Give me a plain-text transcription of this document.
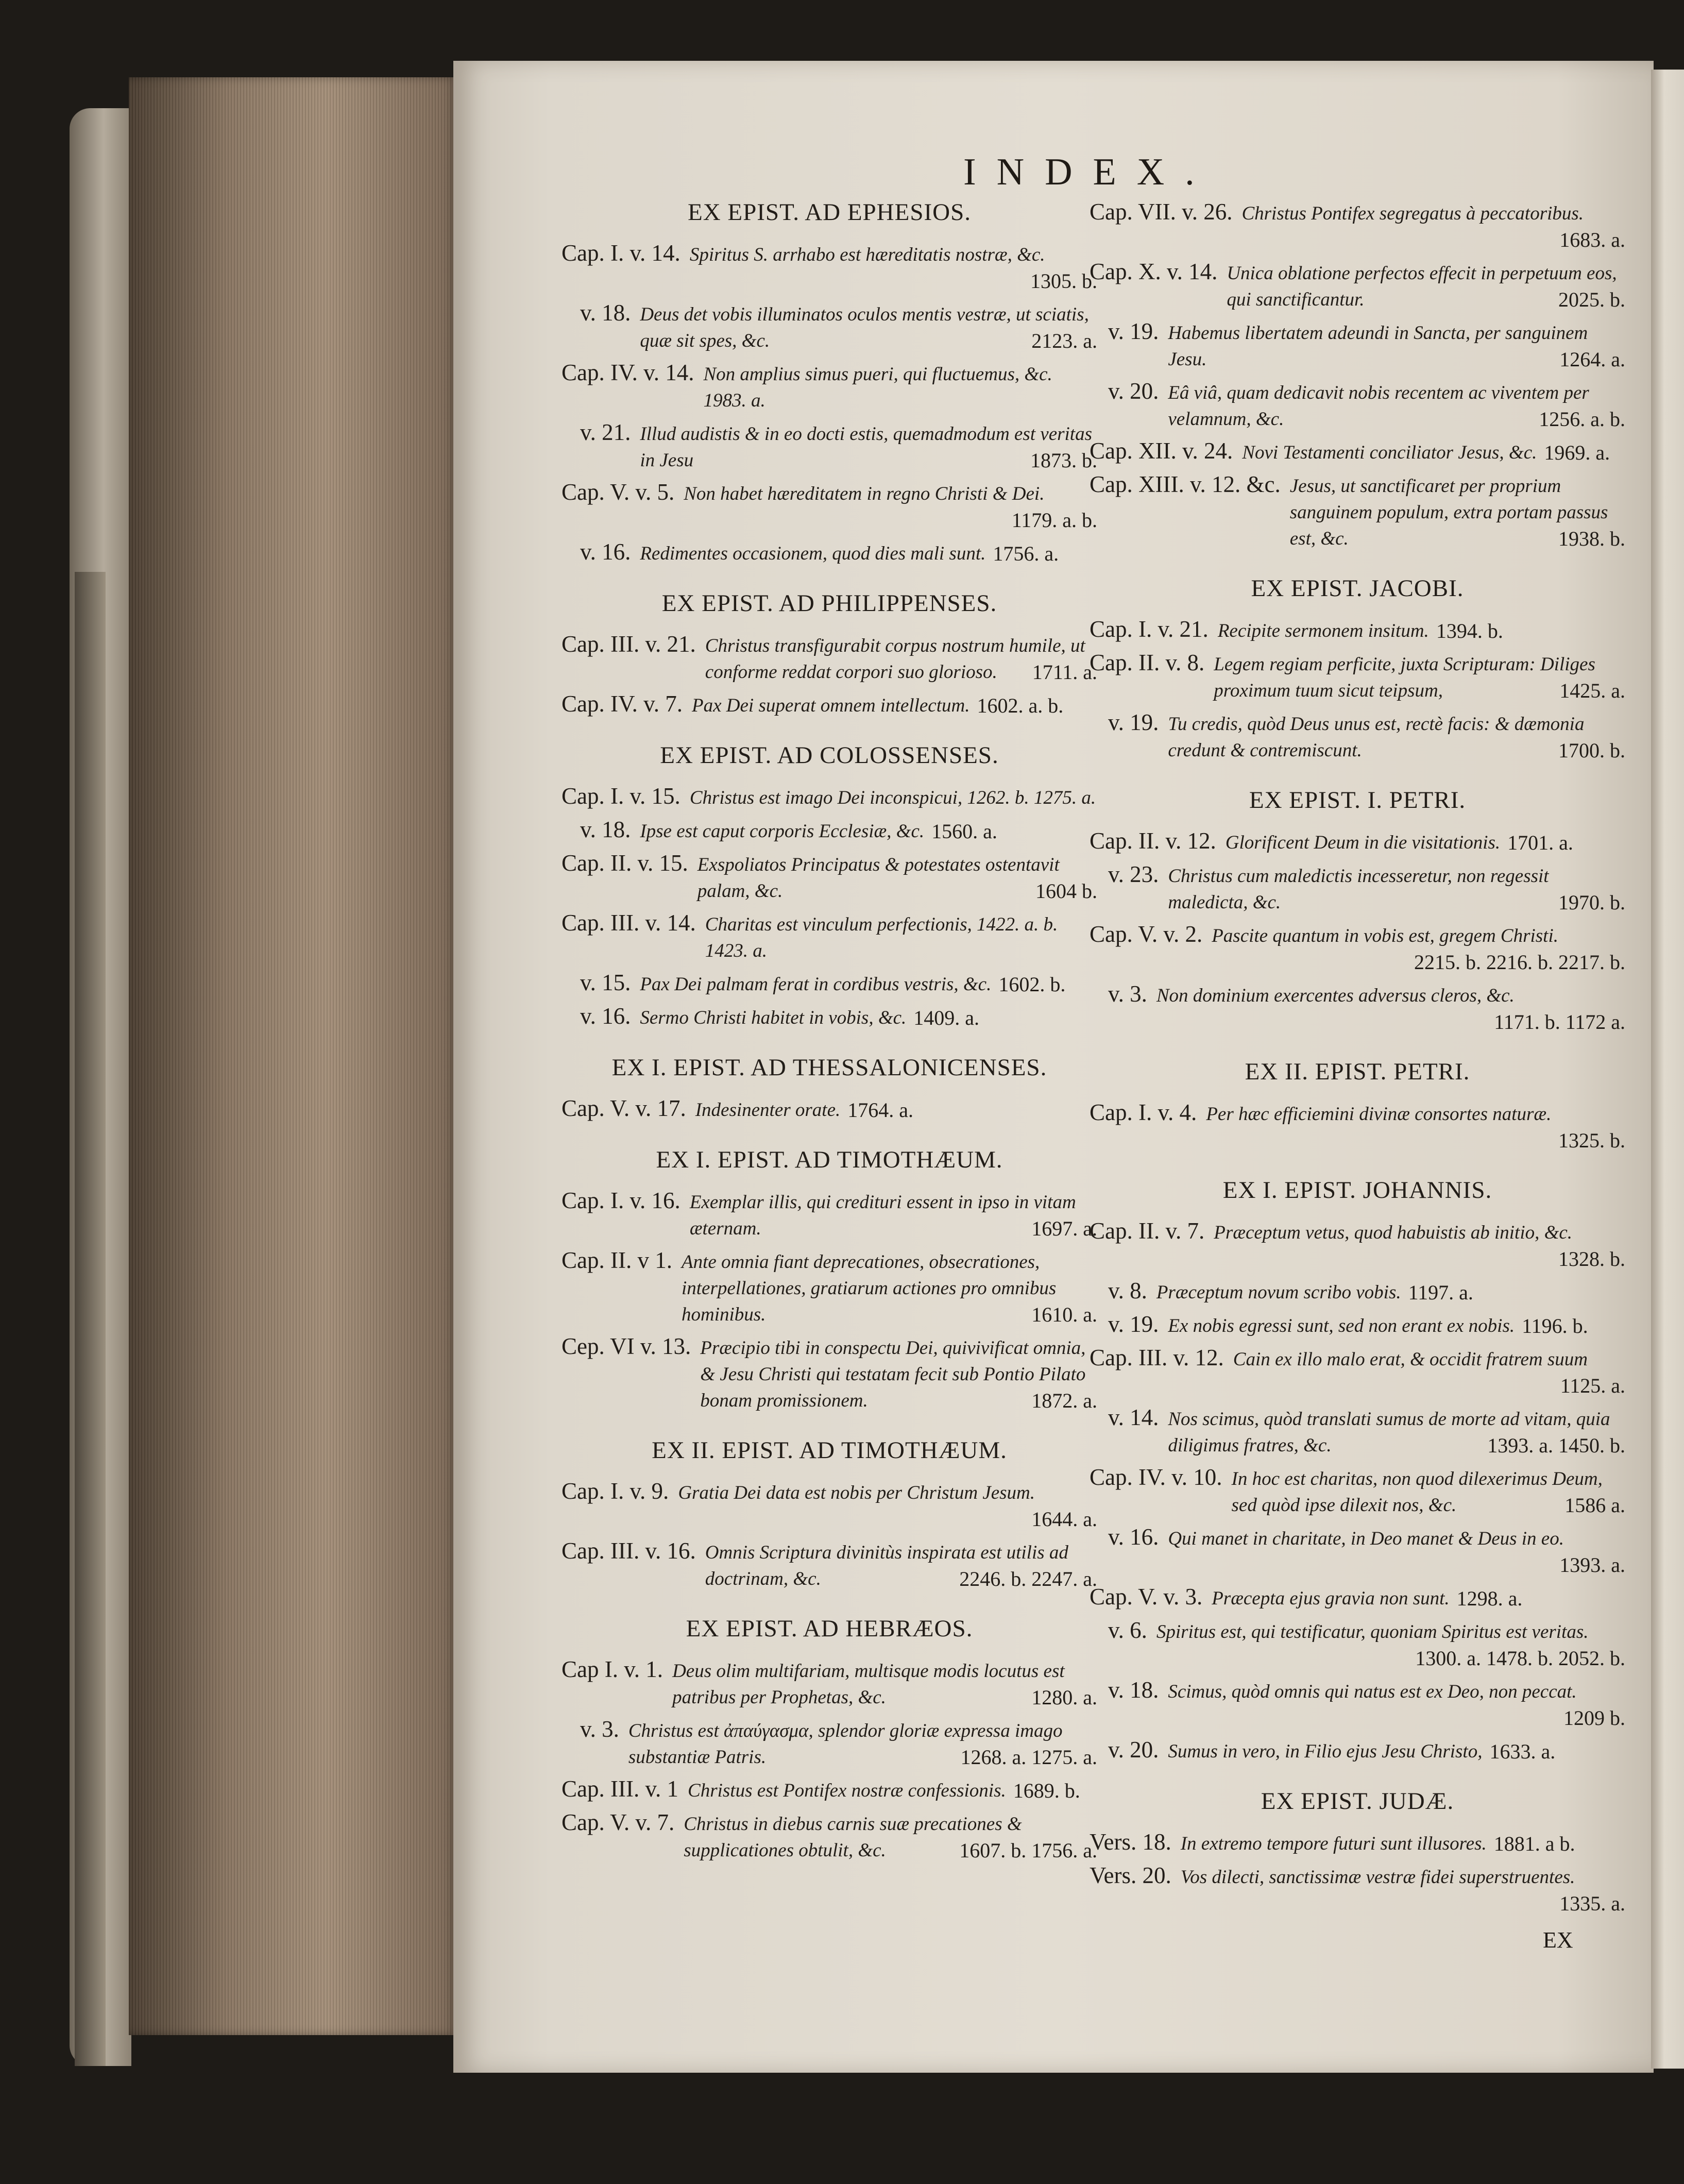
INDEX.
EX EPIST. AD EPHESIOS.
Cap. I. v. 14. Spiritus S. arrhabo est hæreditatis nostræ, &c.
1305. b.
v. 18. Deus det vobis illuminatos oculos mentis vestræ, ut sciatis, quæ sit spes, &c.	2123. a.
Cap. IV. v. 14. Non amplius simus pueri, qui fluctuemus, &c. 1983. a.
v. 21. Illud audistis & in eo docti estis, quemadmodum est veritas in Jesu	1873. b.
Cap. V. v. 5. Non habet hæreditatem in regno Christi & Dei.
1179. a. b.
v. 16. Redimentes occasionem, quod dies mali sunt. 1756. a.
EX EPIST. AD PHILIPPENSES.
Cap. III. v. 21. Christus transfigurabit corpus nostrum humile, ut conforme reddat corpori suo glorioso. 1711. a.
Cap. IV. v. 7. Pax Dei superat omnem intellectum. 1602. a. b.
EX EPIST. AD COLOSSENSES.
Cap. I. v. 15. Christus est imago Dei inconspicui, 1262. b. 1275. a.
v. 18. Ipse est caput corporis Ecclesiæ, &c. 1560. a.
Cap. II. v. 15. Exspoliatos Principatus & potestates ostentavit palam, &c.	1604 b.
Cap. III. v. 14. Charitas est vinculum perfectionis, 1422. a. b. 1423. a.
v. 15. Pax Dei palmam ferat in cordibus vestris, &c. 1602. b.
v. 16. Sermo Christi habitet in vobis, &c. 1409. a.
EX I. EPIST. AD THESSALONICENSES.
Cap. V. v. 17. Indesinenter orate. 1764. a.
EX I. EPIST. AD TIMOTHÆUM.
Cap. I. v. 16. Exemplar illis, qui credituri essent in ipso in vitam æternam.	1697. a.
Cap. II. v 1. Ante omnia fiant deprecationes, obsecrationes, interpellationes, gratiarum actiones pro omnibus hominibus.	1610. a.
Cep. VI v. 13. Præcipio tibi in conspectu Dei, quivivificat omnia, & Jesu Christi qui testatam fecit sub Pontio Pilato bonam promissionem.	1872. a.
EX II. EPIST. AD TIMOTHÆUM.
Cap. I. v. 9. Gratia Dei data est nobis per Christum Jesum.
1644. a.
Cap. III. v. 16. Omnis Scriptura divinitùs inspirata est utilis ad doctrinam, &c.	2246. b. 2247. a.
EX EPIST. AD HEBRÆOS.
Cap I. v. 1. Deus olim multifariam, multisque modis locutus est patribus per Prophetas, &c.	1280. a.
v. 3. Christus est ἀπαύγασμα, splendor gloriæ expressa imago substantiæ Patris.	1268. a. 1275. a.
Cap. III. v. 1 Christus est Pontifex nostræ confessionis. 1689. b.
Cap. V. v. 7. Christus in diebus carnis suæ precationes & supplicationes obtulit, &c.	1607. b. 1756. a.
Cap. VII. v. 26. Christus Pontifex segregatus à peccatoribus.
1683. a.
Cap. X. v. 14. Unica oblatione perfectos effecit in perpetuum eos, qui sanctificantur.	2025. b.
v. 19. Habemus libertatem adeundi in Sancta, per sanguinem Jesu.	1264. a.
v. 20. Eâ viâ, quam dedicavit nobis recentem ac viventem per velamnum, &c.	1256. a. b.
Cap. XII. v. 24. Novi Testamenti conciliator Jesus, &c. 1969. a.
Cap. XIII. v. 12. &c. Jesus, ut sanctificaret per proprium sanguinem populum, extra portam passus est, &c.	1938. b.
EX EPIST. JACOBI.
Cap. I. v. 21. Recipite sermonem insitum. 1394. b.
Cap. II. v. 8. Legem regiam perficite, juxta Scripturam: Diliges proximum tuum sicut teipsum,	1425. a.
v. 19. Tu credis, quòd Deus unus est, rectè facis: & dæmonia credunt & contremiscunt.	1700. b.
EX EPIST. I. PETRI.
Cap. II. v. 12. Glorificent Deum in die visitationis. 1701. a.
v. 23. Christus cum maledictis incesseretur, non regessit maledicta, &c.	1970. b.
Cap. V. v. 2. Pascite quantum in vobis est, gregem Christi.
2215. b. 2216. b. 2217. b.
v. 3. Non dominium exercentes adversus cleros, &c.
1171. b. 1172 a.
EX II. EPIST. PETRI.
Cap. I. v. 4. Per hæc efficiemini divinæ consortes naturæ.
1325. b.
EX I. EPIST. JOHANNIS.
Cap. II. v. 7. Præceptum vetus, quod habuistis ab initio, &c.
1328. b.
v. 8. Præceptum novum scribo vobis. 1197. a.
v. 19. Ex nobis egressi sunt, sed non erant ex nobis. 1196. b.
Cap. III. v. 12. Cain ex illo malo erat, & occidit fratrem suum
1125. a.
v. 14. Nos scimus, quòd translati sumus de morte ad vitam, quia diligimus fratres, &c.	1393. a. 1450. b.
Cap. IV. v. 10. In hoc est charitas, non quod dilexerimus Deum, sed quòd ipse dilexit nos, &c.	1586 a.
v. 16. Qui manet in charitate, in Deo manet & Deus in eo.
1393. a.
Cap. V. v. 3. Præcepta ejus gravia non sunt. 1298. a.
v. 6. Spiritus est, qui testificatur, quoniam Spiritus est veritas.
1300. a. 1478. b. 2052. b.
v. 18. Scimus, quòd omnis qui natus est ex Deo, non peccat.
1209 b.
v. 20. Sumus in vero, in Filio ejus Jesu Christo, 1633. a.
EX EPIST. JUDÆ.
Vers. 18. In extremo tempore futuri sunt illusores. 1881. a b.
Vers. 20. Vos dilecti, sanctissimæ vestræ fidei superstruentes.
1335. a.
EX
